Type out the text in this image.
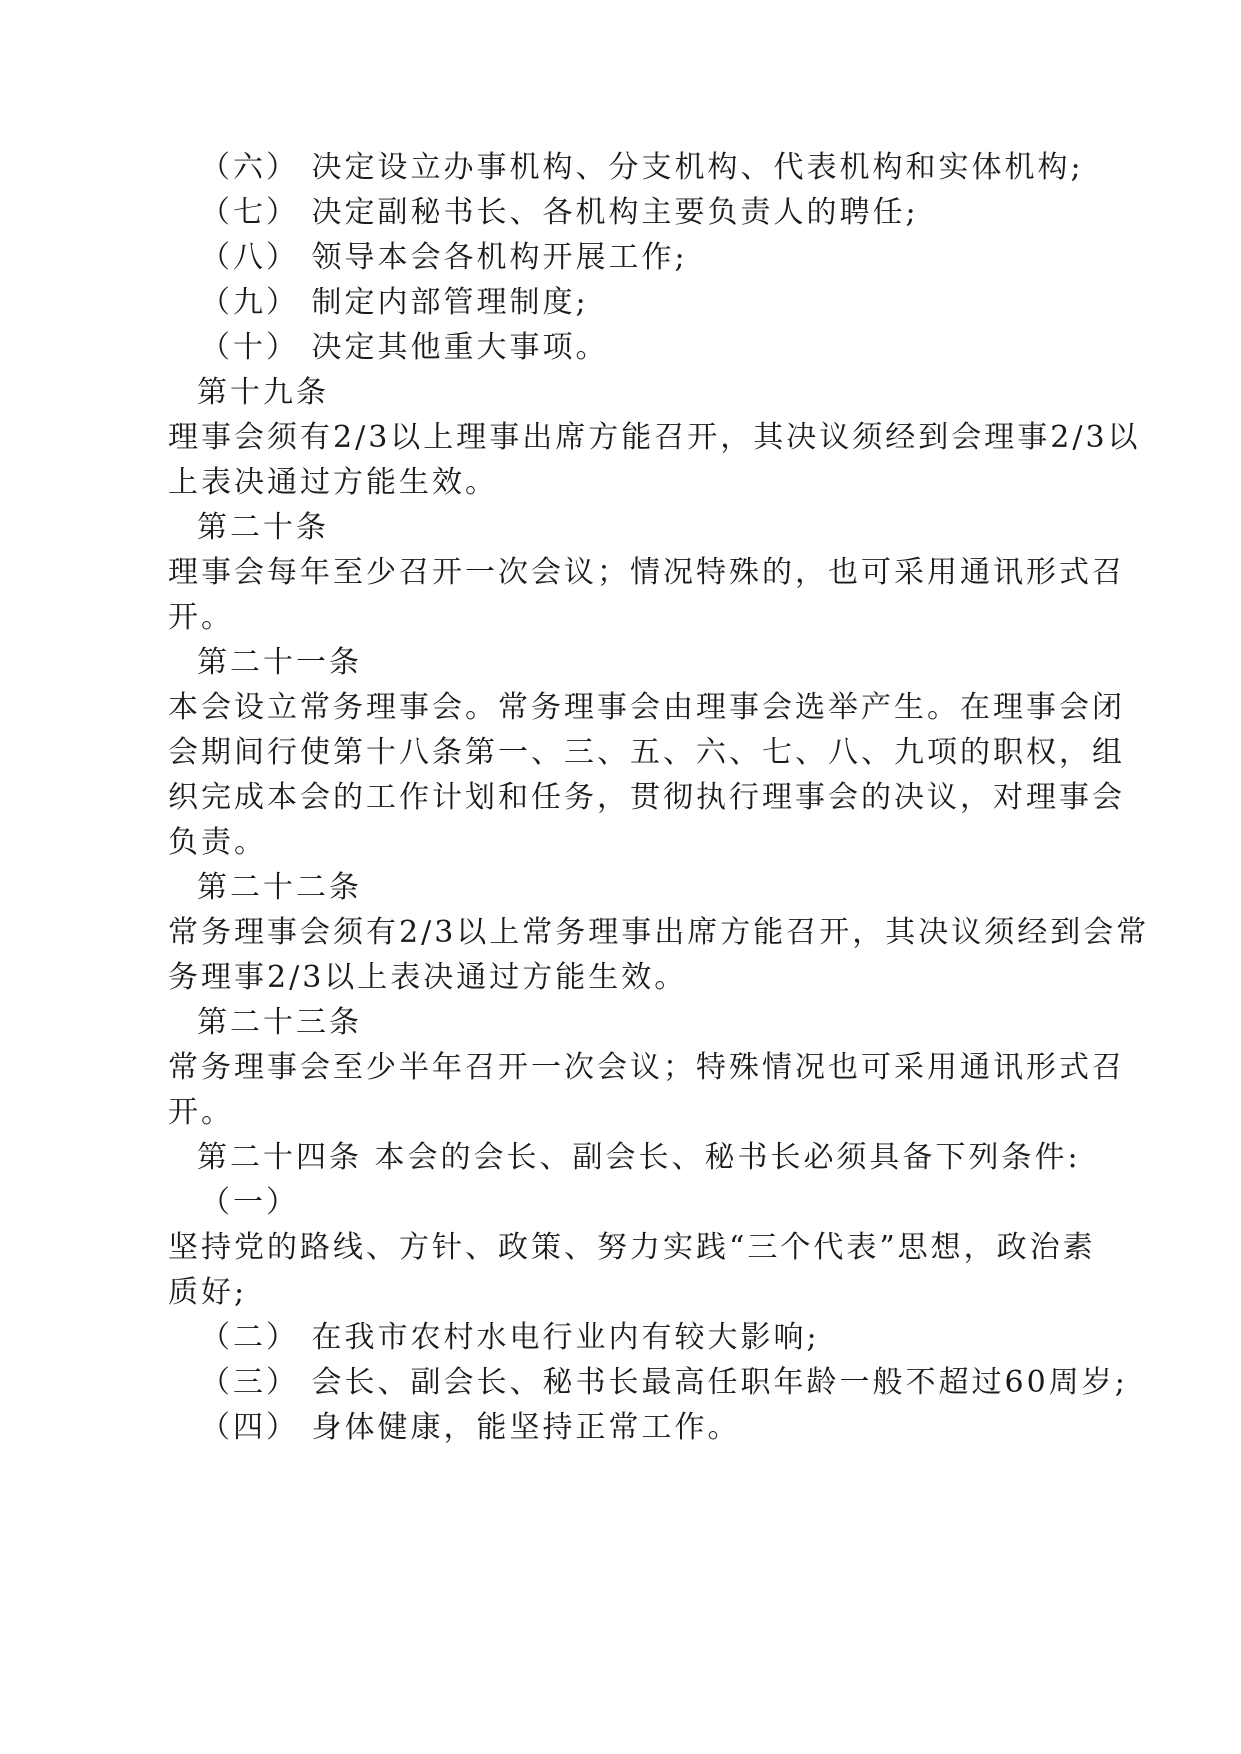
（六） 决定设立办事机构、分支机构、代表机构和实体机构;
（七） 决定副秘书长、各机构主要负责人的聘任;
（八） 领导本会各机构开展工作;
（九） 制定内部管理制度;
（十） 决定其他重大事项。
第十九条
理事会须有2/3以上理事出席方能召开，其决议须经到会理事2/3以
上表决通过方能生效。
第二十条
理事会每年至少召开一次会议；情况特殊的，也可采用通讯形式召
开。
第二十一条
本会设立常务理事会。常务理事会由理事会选举产生。在理事会闭
会期间行使第十八条第一、三、五、六、七、八、九项的职权，组
织完成本会的工作计划和任务，贯彻执行理事会的决议，对理事会
负责。
第二十二条
常务理事会须有2/3以上常务理事出席方能召开，其决议须经到会常
务理事2/3以上表决通过方能生效。
第二十三条
常务理事会至少半年召开一次会议；特殊情况也可采用通讯形式召
开。
第二十四条 本会的会长、副会长、秘书长必须具备下列条件:
（一）
坚持党的路线、方针、政策、努力实践“三个代表”思想，政治素
质好;
（二） 在我市农村水电行业内有较大影响;
（三） 会长、副会长、秘书长最高任职年龄一般不超过60周岁;
（四） 身体健康，能坚持正常工作。
